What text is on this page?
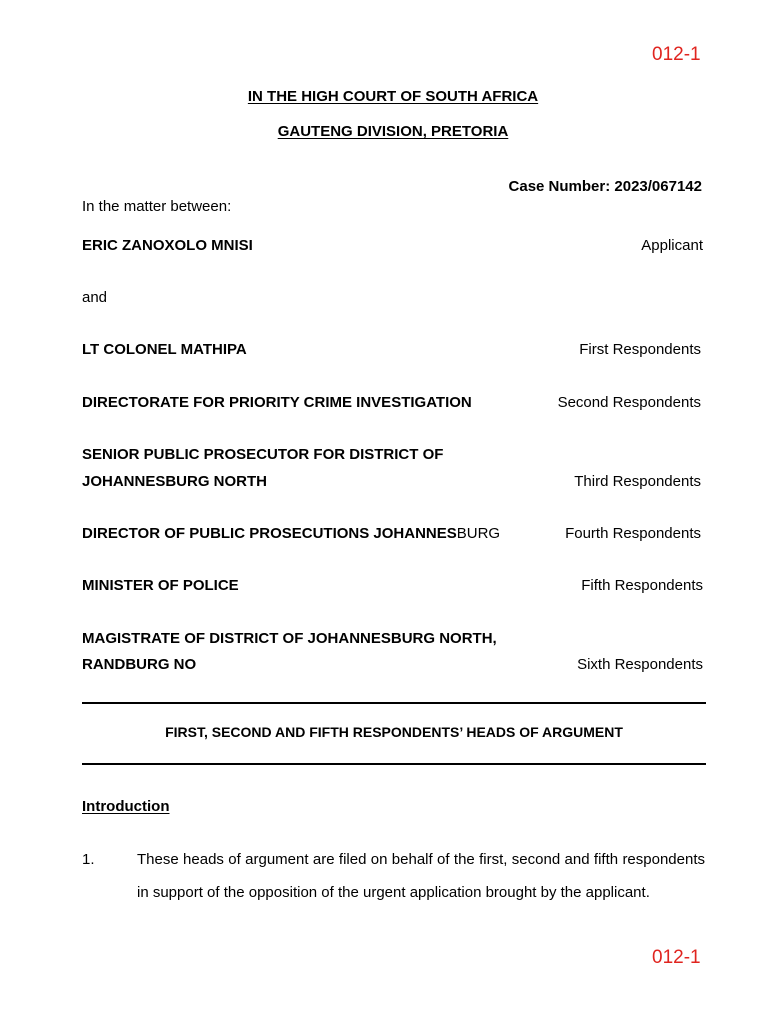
012-1
IN THE HIGH COURT OF SOUTH AFRICA
GAUTENG DIVISION, PRETORIA
Case Number: 2023/067142
In the matter between:
ERIC ZANOXOLO MNISI	Applicant
and
LT COLONEL MATHIPA	First Respondents
DIRECTORATE FOR PRIORITY CRIME INVESTIGATION	Second Respondents
SENIOR PUBLIC PROSECUTOR FOR DISTRICT OF
JOHANNESBURG NORTH	Third Respondents
DIRECTOR OF PUBLIC PROSECUTIONS JOHANNESBURG	Fourth Respondents
MINISTER OF POLICE	Fifth Respondents
MAGISTRATE OF DISTRICT OF JOHANNESBURG NORTH,
RANDBURG NO	Sixth Respondents
FIRST, SECOND AND FIFTH RESPONDENTS’ HEADS OF ARGUMENT
Introduction
1.	These heads of argument are filed on behalf of the first, second and fifth respondents in support of the opposition of the urgent application brought by the applicant.
012-1
